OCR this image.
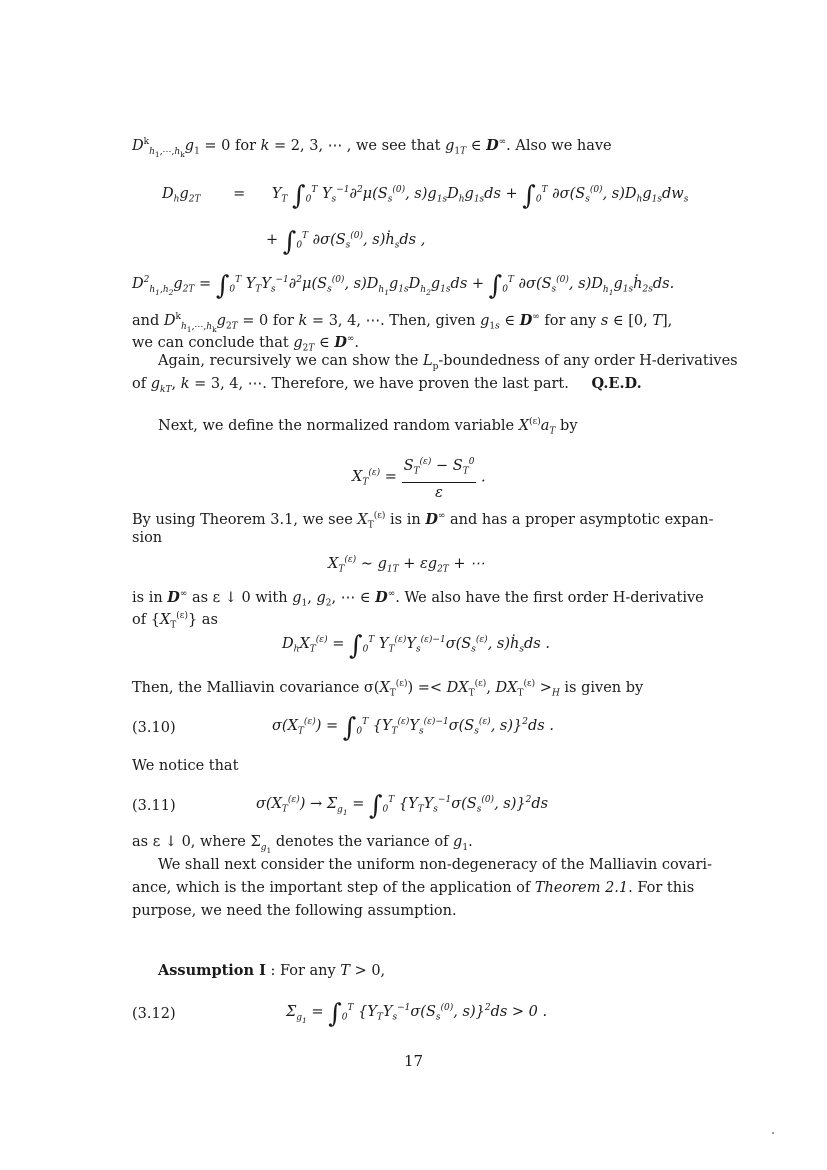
$D^k_{h_1,\cdots,h_k}g_1 = 0$ for k = 2, 3, ⋯ , we see that $g_{1T}$ ∈ D∞. Also we have
$D_hg_{2T} = Y_T$ $\int_0^T$ $Y_s^{-1}\partial^2\mu(S_s^{(0)}$, $s)g_{1s}D_hg_{1s}ds + \int_0^T$ $\partial\sigma(S_s^{(0)}$, $s)D_hg_{1s}dw_s$
+ $\int_0^T$ $\partial\sigma(S_s^{(0)}$, s)ḣ$_s$ds ,
$D^2_{h_1,h_2}g_{2T} = \int_0^T$ $Y_TY_s^{-1}\partial^2\mu(S_s^{(0)}$, $s)D_{h_1}g_{1s}D_{h_2}g_{1s}ds + \int_0^T$ $\partial\sigma(S_s^{(0)}$, $s)D_{h_1}g_{1s}ḣ_{2s}ds$.
and $D^k_{h_1,\cdots,h_k}g_{2T} = 0$ for k = 3, 4, ⋯. Then, given $g_{1s}$ ∈ D∞ for any s ∈ [0, T],
we can conclude that $g_{2T}$ ∈ D∞.
Again, recursively we can show the $L_p$-boundedness of any order H-derivatives
of $g_{kT}$, k = 3, 4, ⋯. Therefore, we have proven the last part. Q.E.D.
Next, we define the normalized random variable $X^{(\varepsilon)}a_T$ by
$X_T^{(\varepsilon)} = \frac{S_T^{(\varepsilon)} - S_T^0}{\varepsilon}$ .
By using Theorem 3.1, we see $X_T^{(\varepsilon)}$ is in D∞ and has a proper asymptotic expan-
sion
$X_T^{(\varepsilon)}$ ∼ $g_{1T} + \varepsilon g_{2T}$ + ⋯
is in D∞ as ε ↓ 0 with $g_1$, $g_2$, ⋯ ∈ D∞. We also have the first order H-derivative
of $\{X_T^{(\varepsilon)}\}$ as
$D_hX_T^{(\varepsilon)} = \int_0^T$ $Y_T^{(\varepsilon)}Y_s^{(\varepsilon)-1}\sigma(S_s^{(\varepsilon)}$, s)ḣ$_s$ds .
Then, the Malliavin covariance $\sigma(X_T^{(\varepsilon)}) =< DX_T^{(\varepsilon)}$, $DX_T^{(\varepsilon)} >_H$ is given by
(3.10)	$\sigma(X_T^{(\varepsilon)}) = \int_0^T$ {$Y_T^{(\varepsilon)}Y_s^{(\varepsilon)-1}\sigma(S_s^{(\varepsilon)}$, s)}$^2$ds .
We notice that
(3.11)	$\sigma(X_T^{(\varepsilon)}) \to \Sigma_{g_1} = \int_0^T$ {$Y_TY_s^{-1}\sigma(S_s^{(0)}$, s)}$^2$ds
as ε ↓ 0, where $\Sigma_{g_1}$ denotes the variance of $g_1$.
We shall next consider the uniform non-degeneracy of the Malliavin covari-
ance, which is the important step of the application of Theorem 2.1. For this
purpose, we need the following assumption.
Assumption I : For any T > 0,
(3.12)	$\Sigma_{g_1} = \int_0^T$ {$Y_TY_s^{-1}\sigma(S_s^{(0)}$, s)}$^2$ds > 0 .
17
